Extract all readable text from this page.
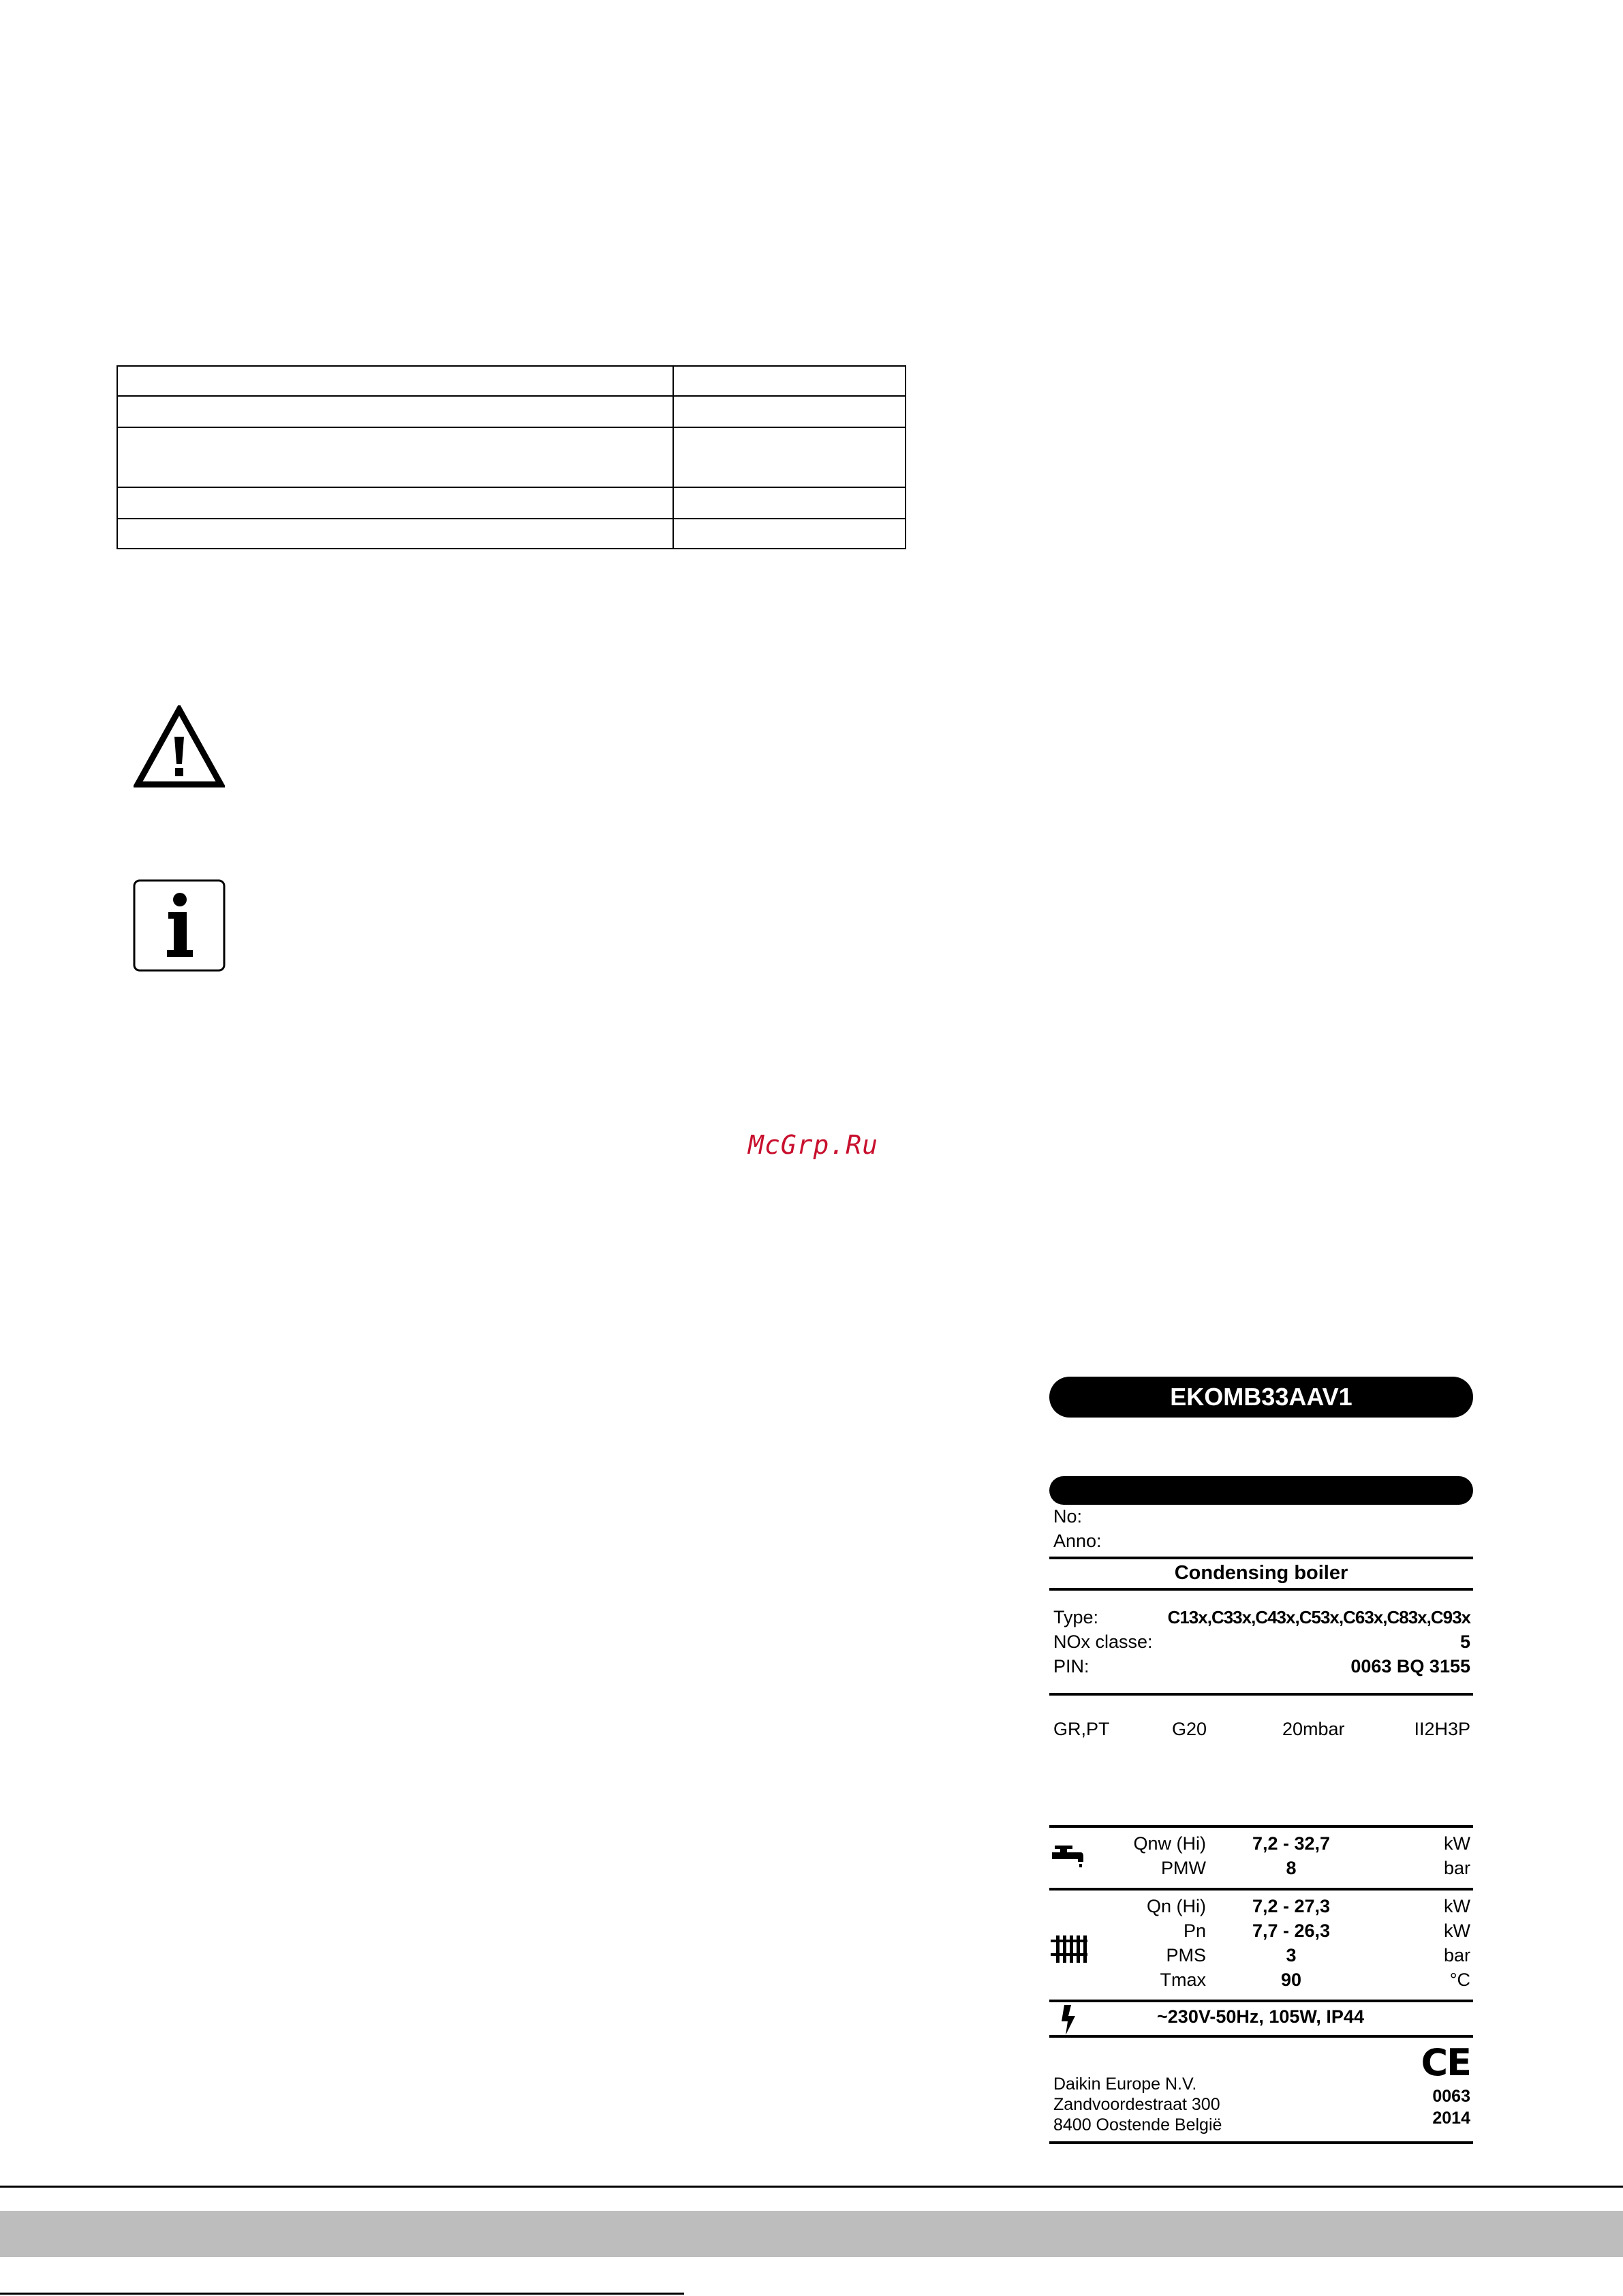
McGrp.Ru
EKOMB33AAV1
No:
Anno:
Condensing boiler
Type:	C13x,C33x,C43x,C53x,C63x,C83x,C93x
NOx classe:	5
PIN:	0063 BQ 3155
GR,PT	G20	20mbar	II2H3P
Qnw (Hi)	7,2 - 32,7	kW
PMW	8	bar
Qn (Hi)	7,2 - 27,3	kW
Pn	7,7 - 26,3	kW
PMS	3	bar
Tmax	90	°C
~230V-50Hz, 105W, IP44
Daikin Europe N.V.
Zandvoordestraat 300
8400 Oostende België
CE
0063
2014
